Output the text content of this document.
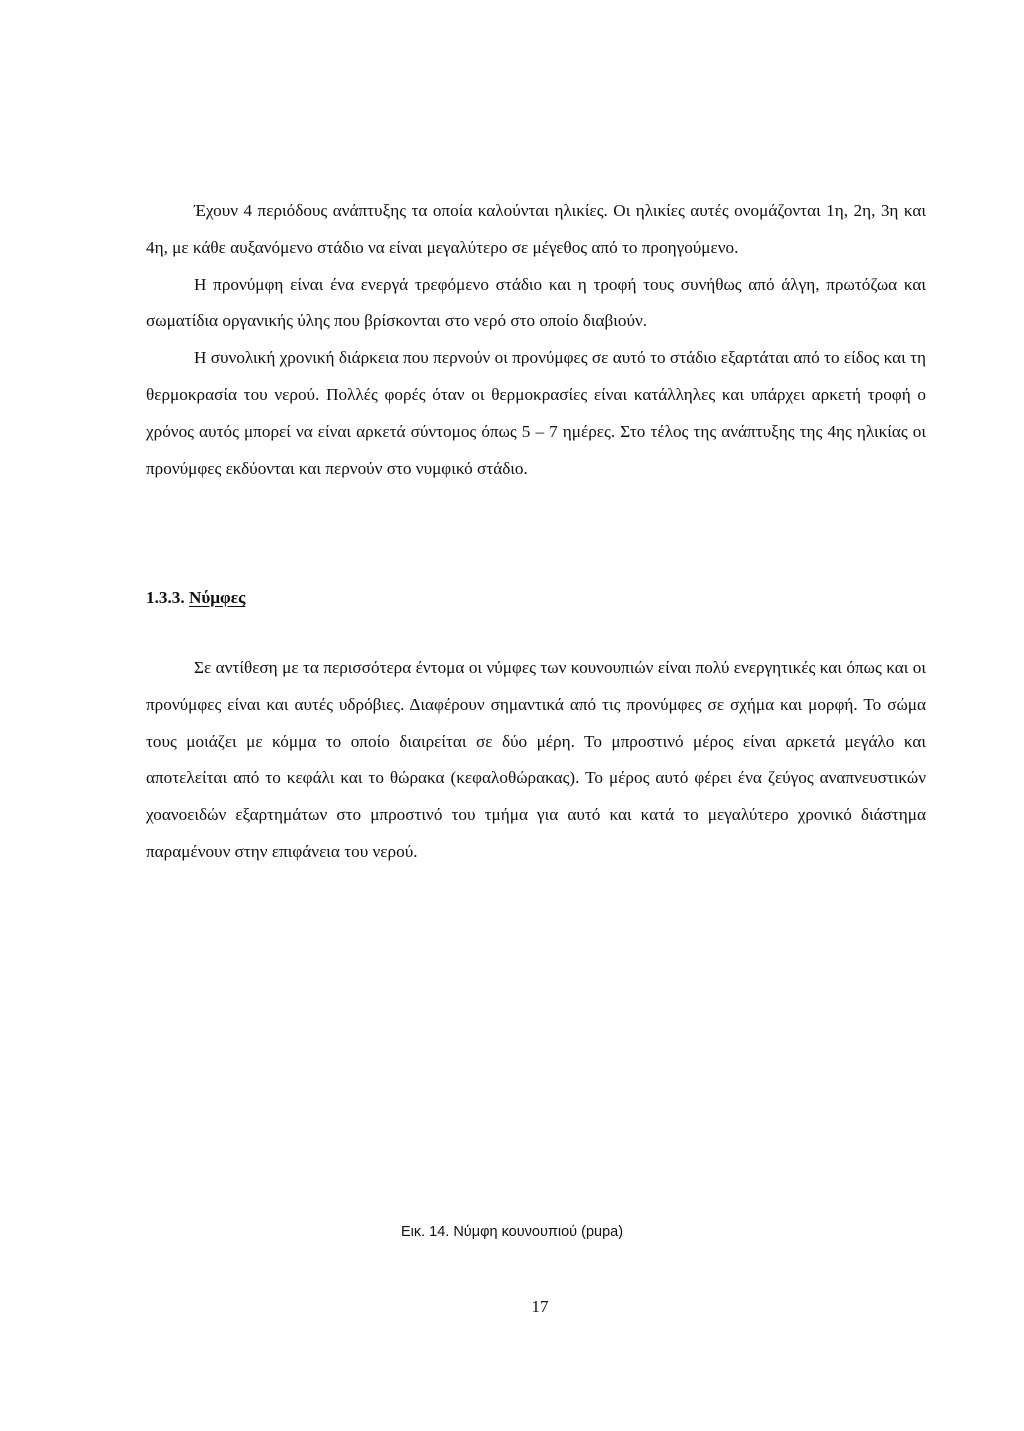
Έχουν 4 περιόδους ανάπτυξης τα οποία καλούνται ηλικίες. Οι ηλικίες αυτές ονομάζονται 1η, 2η, 3η και 4η, με κάθε αυξανόμενο στάδιο να είναι μεγαλύτερο σε μέγεθος από το προηγούμενο.

Η προνύμφη είναι ένα ενεργά τρεφόμενο στάδιο και η τροφή τους συνήθως από άλγη, πρωτόζωα και σωματίδια οργανικής ύλης που βρίσκονται στο νερό στο οποίο διαβιούν.

Η συνολική χρονική διάρκεια που περνούν οι προνύμφες σε αυτό το στάδιο εξαρτάται από το είδος και τη θερμοκρασία του νερού. Πολλές φορές όταν οι θερμοκρασίες είναι κατάλληλες και υπάρχει αρκετή τροφή ο χρόνος αυτός μπορεί να είναι αρκετά σύντομος όπως 5 – 7 ημέρες. Στο τέλος της ανάπτυξης της 4ης ηλικίας οι προνύμφες εκδύονται και περνούν στο νυμφικό στάδιο.

1.3.3. Νύμφες

Σε αντίθεση με τα περισσότερα έντομα οι νύμφες των κουνουπιών είναι πολύ ενεργητικές και όπως και οι προνύμφες είναι και αυτές υδρόβιες. Διαφέρουν σημαντικά από τις προνύμφες σε σχήμα και μορφή. Το σώμα τους μοιάζει με κόμμα το οποίο διαιρείται σε δύο μέρη. Το μπροστινό μέρος είναι αρκετά μεγάλο και αποτελείται από το κεφάλι και το θώρακα (κεφαλοθώρακας). Το μέρος αυτό φέρει ένα ζεύγος αναπνευστικών χοανοειδών εξαρτημάτων στο μπροστινό του τμήμα για αυτό και κατά το μεγαλύτερο χρονικό διάστημα παραμένουν στην επιφάνεια του νερού.

Εικ. 14. Νύμφη κουνουπιού (pupa)

17
